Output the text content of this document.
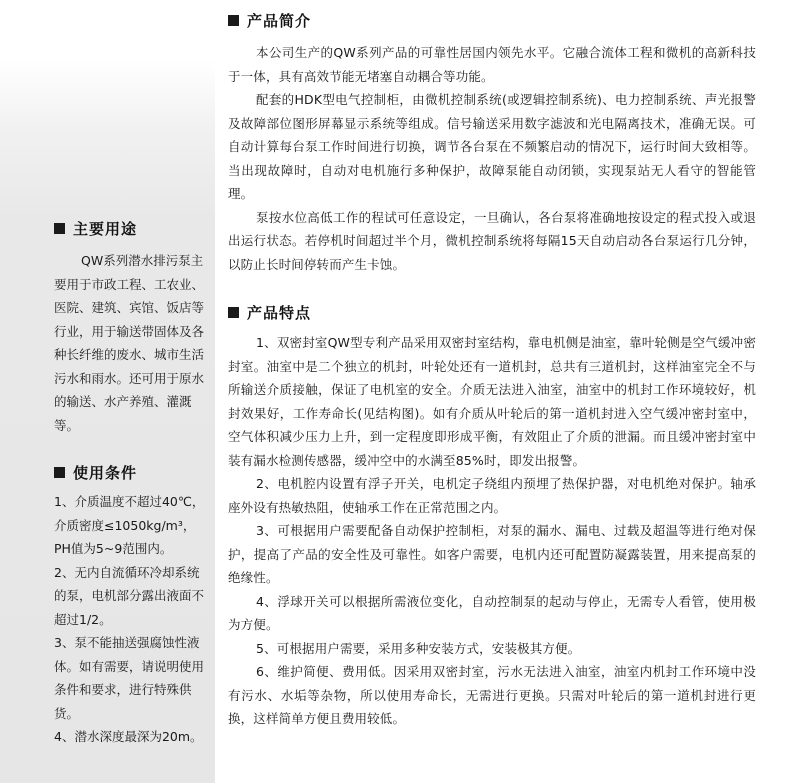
主要用途

QW系列潜水排污泵主要用于市政工程、工农业、医院、建筑、宾馆、饭店等行业，用于输送带固体及各种长纤维的废水、城市生活污水和雨水。还可用于原水的输送、水产养殖、灌溉等。

使用条件

1、介质温度不超过40℃，介质密度≤1050kg/m³，PH值为5~9范围内。

2、无内自流循环冷却系统的泵，电机部分露出液面不超过1/2。

3、泵不能抽送强腐蚀性液体。如有需要，请说明使用条件和要求，进行特殊供货。

4、潜水深度最深为20m。

产品简介

本公司生产的QW系列产品的可靠性居国内领先水平。它融合流体工程和微机的高新科技于一体，具有高效节能无堵塞自动耦合等功能。

配套的HDK型电气控制柜，由微机控制系统(或逻辑控制系统)、电力控制系统、声光报警及故障部位图形屏幕显示系统等组成。信号输送采用数字滤波和光电隔离技术，准确无误。可自动计算每台泵工作时间进行切换，调节各台泵在不频繁启动的情况下，运行时间大致相等。当出现故障时，自动对电机施行多种保护，故障泵能自动闭锁，实现泵站无人看守的智能管理。

泵按水位高低工作的程试可任意设定，一旦确认，各台泵将准确地按设定的程式投入或退出运行状态。若停机时间超过半个月，微机控制系统将每隔15天自动启动各台泵运行几分钟，以防止长时间停转而产生卡蚀。

产品特点

1、双密封室QW型专利产品采用双密封室结构，靠电机侧是油室，靠叶轮侧是空气缓冲密封室。油室中是二个独立的机封，叶轮处还有一道机封，总共有三道机封，这样油室完全不与所输送介质接触，保证了电机室的安全。介质无法进入油室，油室中的机封工作环境较好，机封效果好，工作寿命长(见结构图)。如有介质从叶轮后的第一道机封进入空气缓冲密封室中，空气体积减少压力上升，到一定程度即形成平衡，有效阻止了介质的泄漏。而且缓冲密封室中装有漏水检测传感器，缓冲空中的水满至85%时，即发出报警。

2、电机腔内设置有浮子开关，电机定子绕组内预埋了热保护器，对电机绝对保护。轴承座外设有热敏热阻，使轴承工作在正常范围之内。

3、可根据用户需要配备自动保护控制柜，对泵的漏水、漏电、过载及超温等进行绝对保护，提高了产品的安全性及可靠性。如客户需要，电机内还可配置防凝露装置，用来提高泵的绝缘性。

4、浮球开关可以根据所需液位变化，自动控制泵的起动与停止，无需专人看管，使用极为方便。

5、可根据用户需要，采用多种安装方式，安装极其方便。

6、维护简便、费用低。因采用双密封室，污水无法进入油室，油室内机封工作环境中没有污水、水垢等杂物，所以使用寿命长，无需进行更换。只需对叶轮后的第一道机封进行更换，这样简单方便且费用较低。
